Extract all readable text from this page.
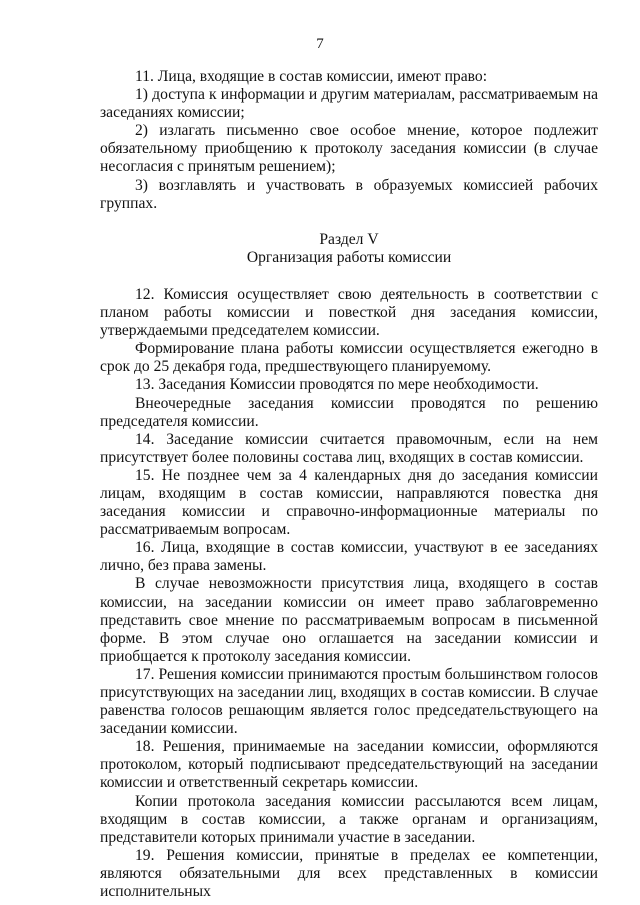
7

11. Лица, входящие в состав комиссии, имеют право:

1) доступа к информации и другим материалам, рассматриваемым на заседаниях комиссии;

2) излагать письменно свое особое мнение, которое подлежит обязательному приобщению к протоколу заседания комиссии (в случае несогласия с принятым решением);

3) возглавлять и участвовать в образуемых комиссией рабочих группах.

Раздел V

Организация работы комиссии

12. Комиссия осуществляет свою деятельность в соответствии с планом работы комиссии и повесткой дня заседания комиссии, утверждаемыми председателем комиссии.

Формирование плана работы комиссии осуществляется ежегодно в срок до 25 декабря года, предшествующего планируемому.

13. Заседания Комиссии проводятся по мере необходимости.

Внеочередные заседания комиссии проводятся по решению председателя комиссии.

14. Заседание комиссии считается правомочным, если на нем присутствует более половины состава лиц, входящих в состав комиссии.

15. Не позднее чем за 4 календарных дня до заседания комиссии лицам, входящим в состав комиссии, направляются повестка дня заседания комиссии и справочно-информационные материалы по рассматриваемым вопросам.

16. Лица, входящие в состав комиссии, участвуют в ее заседаниях лично, без права замены.

В случае невозможности присутствия лица, входящего в состав комиссии, на заседании комиссии он имеет право заблаговременно представить свое мнение по рассматриваемым вопросам в письменной форме. В этом случае оно оглашается на заседании комиссии и приобщается к протоколу заседания комиссии.

17. Решения комиссии принимаются простым большинством голосов присутствующих на заседании лиц, входящих в состав комиссии. В случае равенства голосов решающим является голос председательствующего на заседании комиссии.

18. Решения, принимаемые на заседании комиссии, оформляются протоколом, который подписывают председательствующий на заседании комиссии и ответственный секретарь комиссии.

Копии протокола заседания комиссии рассылаются всем лицам, входящим в состав комиссии, а также органам и организациям, представители которых принимали участие в заседании.

19. Решения комиссии, принятые в пределах ее компетенции, являются обязательными для всех представленных в комиссии исполнительных
